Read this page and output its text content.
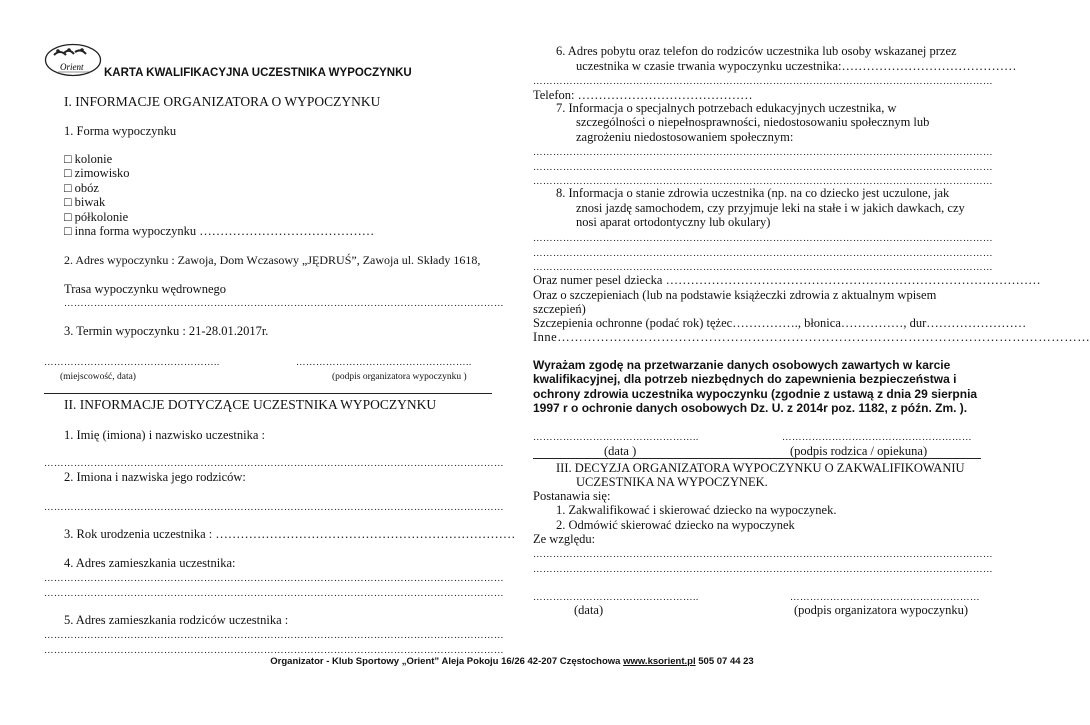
Orient KARTA KWALIFIKACYJNA UCZESTNIKA WYPOCZYNKU
I. INFORMACJE ORGANIZATORA O WYPOCZYNKU
1. Forma wypoczynku
□ kolonie
□ zimowisko
□ obóz
□ biwak
□ półkolonie
□ inna forma wypoczynku ……………………………………
2. Adres wypoczynku : Zawoja, Dom Wczasowy „JĘDRUŚ”, Zawoja ul. Składy 1618,
Trasa wypoczynku wędrownego
……………………………………………………………………………………………………………………
3. Termin wypoczynku : 21-28.01.2017r.
……………………………………………..	……………………………………………..
(miejscowość, data)	(podpis organizatora wypoczynku )
II. INFORMACJE DOTYCZĄCE UCZESTNIKA WYPOCZYNKU
1. Imię (imiona) i nazwisko uczestnika :
…………………………………………………………………………………………………………………………
2. Imiona i nazwiska jego rodziców:
…………………………………………………………………………………………………………………………
3. Rok urodzenia uczestnika : ………………………………………………………………
4. Adres zamieszkania uczestnika:
…………………………………………………………………………………………………………………………
…………………………………………………………………………………………………………………………
5. Adres zamieszkania rodziców uczestnika :
…………………………………………………………………………………………………………………………
…………………………………………………………………………………………………………………………
6. Adres pobytu oraz telefon do rodziców uczestnika lub osoby wskazanej przez
uczestnika w czasie trwania wypoczynku uczestnika:……………………………………
…………………………………………………………………………………………………………………………
Telefon: ……………………………………
7. Informacja o specjalnych potrzebach edukacyjnych uczestnika, w
szczególności o niepełnosprawności, niedostosowaniu społecznym lub
zagrożeniu niedostosowaniem społecznym:
…………………………………………………………………………………………………………………………
…………………………………………………………………………………………………………………………
…………………………………………………………………………………………………………………………
8. Informacja o stanie zdrowia uczestnika (np. na co dziecko jest uczulone, jak
znosi jazdę samochodem, czy przyjmuje leki na stałe i w jakich dawkach, czy
nosi aparat ortodontyczny lub okulary)
…………………………………………………………………………………………………………………………
…………………………………………………………………………………………………………………………
…………………………………………………………………………………………………………………………
Oraz numer pesel dziecka ………………………………………………………………………………
Oraz o szczepieniach (lub na podstawie książeczki zdrowia z aktualnym wpisem
szczepień)
Szczepienia ochronne (podać rok) tężec……………., błonica……………, dur……………………
Inne……………………………………………………………………………………………………………
Wyrażam zgodę na przetwarzanie danych osobowych zawartych w karcie
kwalifikacyjnej, dla potrzeb niezbędnych do zapewnienia bezpieczeństwa i
ochrony zdrowia uczestnika wypoczynku (zgodnie z ustawą z dnia 29 sierpnia
1997 r o ochronie danych osobowych Dz. U. z 2014r poz. 1182, z późn. Zm. ).
…………………………………………..	…………………………………………………
(data )	(podpis rodzica / opiekuna)
III. DECYZJA ORGANIZATORA WYPOCZYNKU O ZAKWALIFIKOWANIU
UCZESTNIKA NA WYPOCZYNEK.
Postanawia się:
1. Zakwalifikować i skierować dziecko na wypoczynek.
2. Odmówić skierować dziecko na wypoczynek
Ze względu:
…………………………………………………………………………………………………………………………
…………………………………………………………………………………………………………………………
…………………………………………..	…………………………………………………
(data)	(podpis organizatora wypoczynku)
Organizator - Klub Sportowy „Orient” Aleja Pokoju 16/26 42-207 Częstochowa www.ksorient.pl 505 07 44 23
